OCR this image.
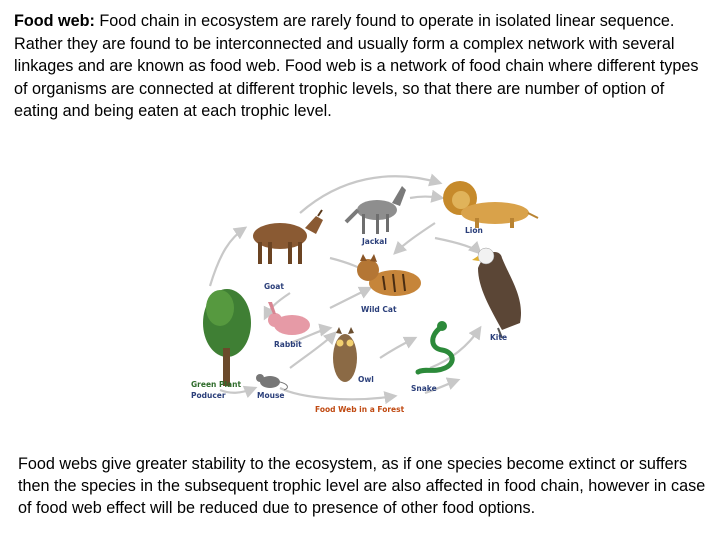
Food web: Food chain in ecosystem are rarely found to operate in isolated linear sequence. Rather they are found to be interconnected and usually form a complex network with several linkages and are known as food web. Food web is a network of food chain where different types of organisms are connected at different trophic levels, so that there are number of option of eating and being eaten at each trophic level.

Goat
Jackal
Lion
Wild Cat
Kite
Rabbit
Owl
Snake
Green Plant
Poducer	Mouse
Food Web in a Forest

Food webs give greater stability to the ecosystem, as if one species become extinct or suffers then the species in the subsequent trophic level are also affected in food chain, however in case of food web effect will be reduced due to presence of other food options.
